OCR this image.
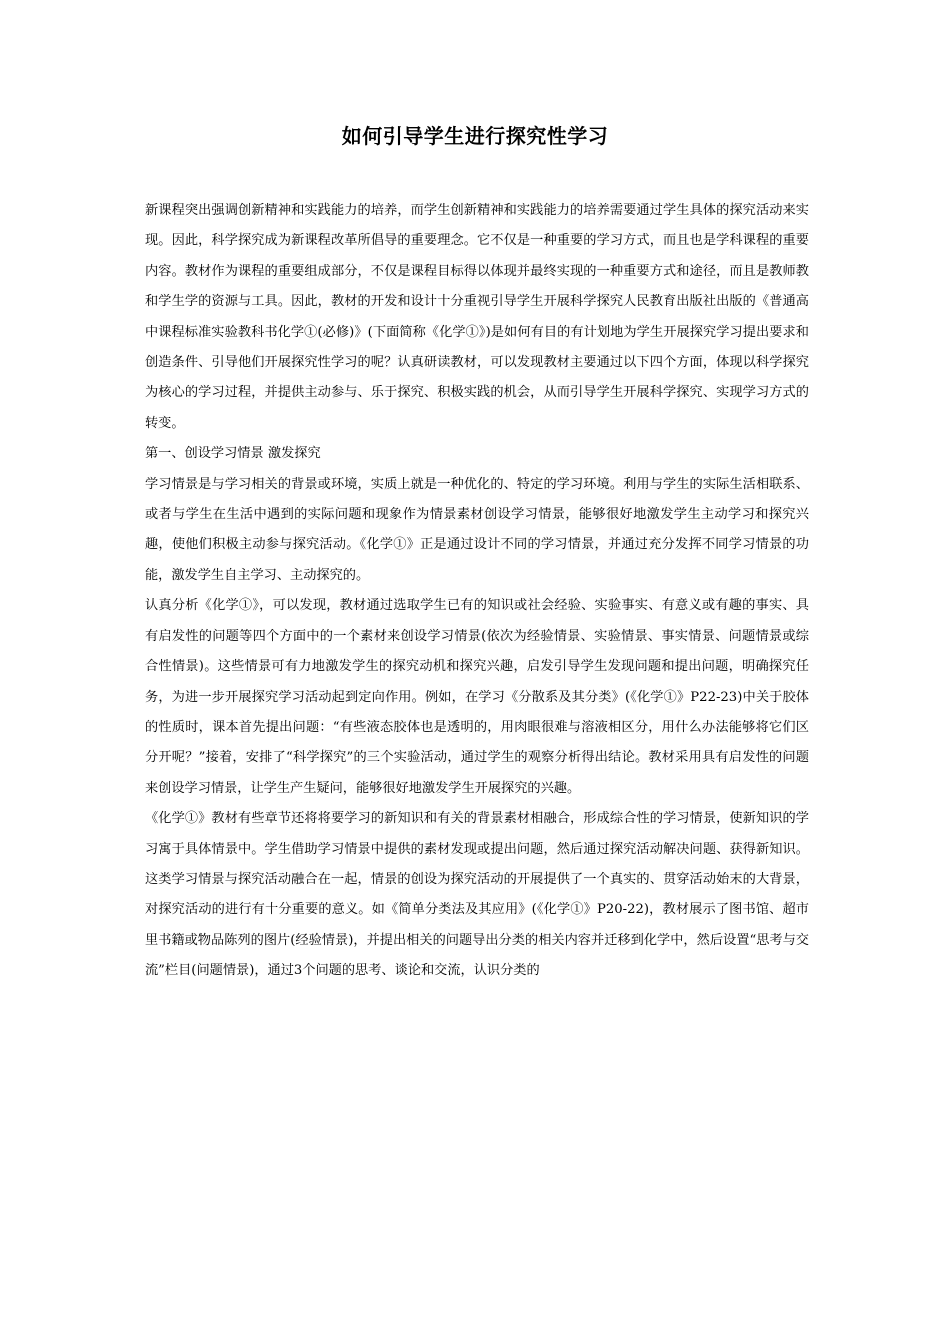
如何引导学生进行探究性学习

新课程突出强调创新精神和实践能力的培养，而学生创新精神和实践能力的培养需要通过学生具体的探究活动来实现。因此，科学探究成为新课程改革所倡导的重要理念。它不仅是一种重要的学习方式，而且也是学科课程的重要内容。教材作为课程的重要组成部分，不仅是课程目标得以体现并最终实现的一种重要方式和途径，而且是教师教和学生学的资源与工具。因此，教材的开发和设计十分重视引导学生开展科学探究人民教育出版社出版的《普通高中课程标准实验教科书化学①(必修)》(下面简称《化学①》)是如何有目的有计划地为学生开展探究学习提出要求和创造条件、引导他们开展探究性学习的呢？认真研读教材，可以发现教材主要通过以下四个方面，体现以科学探究为核心的学习过程，并提供主动参与、乐于探究、积极实践的机会，从而引导学生开展科学探究、实现学习方式的转变。

第一、创设学习情景 激发探究

学习情景是与学习相关的背景或环境，实质上就是一种优化的、特定的学习环境。利用与学生的实际生活相联系、或者与学生在生活中遇到的实际问题和现象作为情景素材创设学习情景，能够很好地激发学生主动学习和探究兴趣，使他们积极主动参与探究活动。《化学①》正是通过设计不同的学习情景，并通过充分发挥不同学习情景的功能，激发学生自主学习、主动探究的。

认真分析《化学①》，可以发现，教材通过选取学生已有的知识或社会经验、实验事实、有意义或有趣的事实、具有启发性的问题等四个方面中的一个素材来创设学习情景(依次为经验情景、实验情景、事实情景、问题情景或综合性情景)。这些情景可有力地激发学生的探究动机和探究兴趣，启发引导学生发现问题和提出问题，明确探究任务，为进一步开展探究学习活动起到定向作用。例如，在学习《分散系及其分类》(《化学①》P22-23)中关于胶体的性质时，课本首先提出问题：“有些液态胶体也是透明的，用肉眼很难与溶液相区分，用什么办法能够将它们区分开呢？”接着，安排了“科学探究”的三个实验活动，通过学生的观察分析得出结论。教材采用具有启发性的问题来创设学习情景，让学生产生疑问，能够很好地激发学生开展探究的兴趣。

《化学①》教材有些章节还将将要学习的新知识和有关的背景素材相融合，形成综合性的学习情景，使新知识的学习寓于具体情景中。学生借助学习情景中提供的素材发现或提出问题，然后通过探究活动解决问题、获得新知识。这类学习情景与探究活动融合在一起，情景的创设为探究活动的开展提供了一个真实的、贯穿活动始末的大背景，对探究活动的进行有十分重要的意义。如《简单分类法及其应用》(《化学①》P20-22)，教材展示了图书馆、超市里书籍或物品陈列的图片(经验情景)，并提出相关的问题导出分类的相关内容并迁移到化学中，然后设置“思考与交流”栏目(问题情景)，通过3个问题的思考、谈论和交流，认识分类的
